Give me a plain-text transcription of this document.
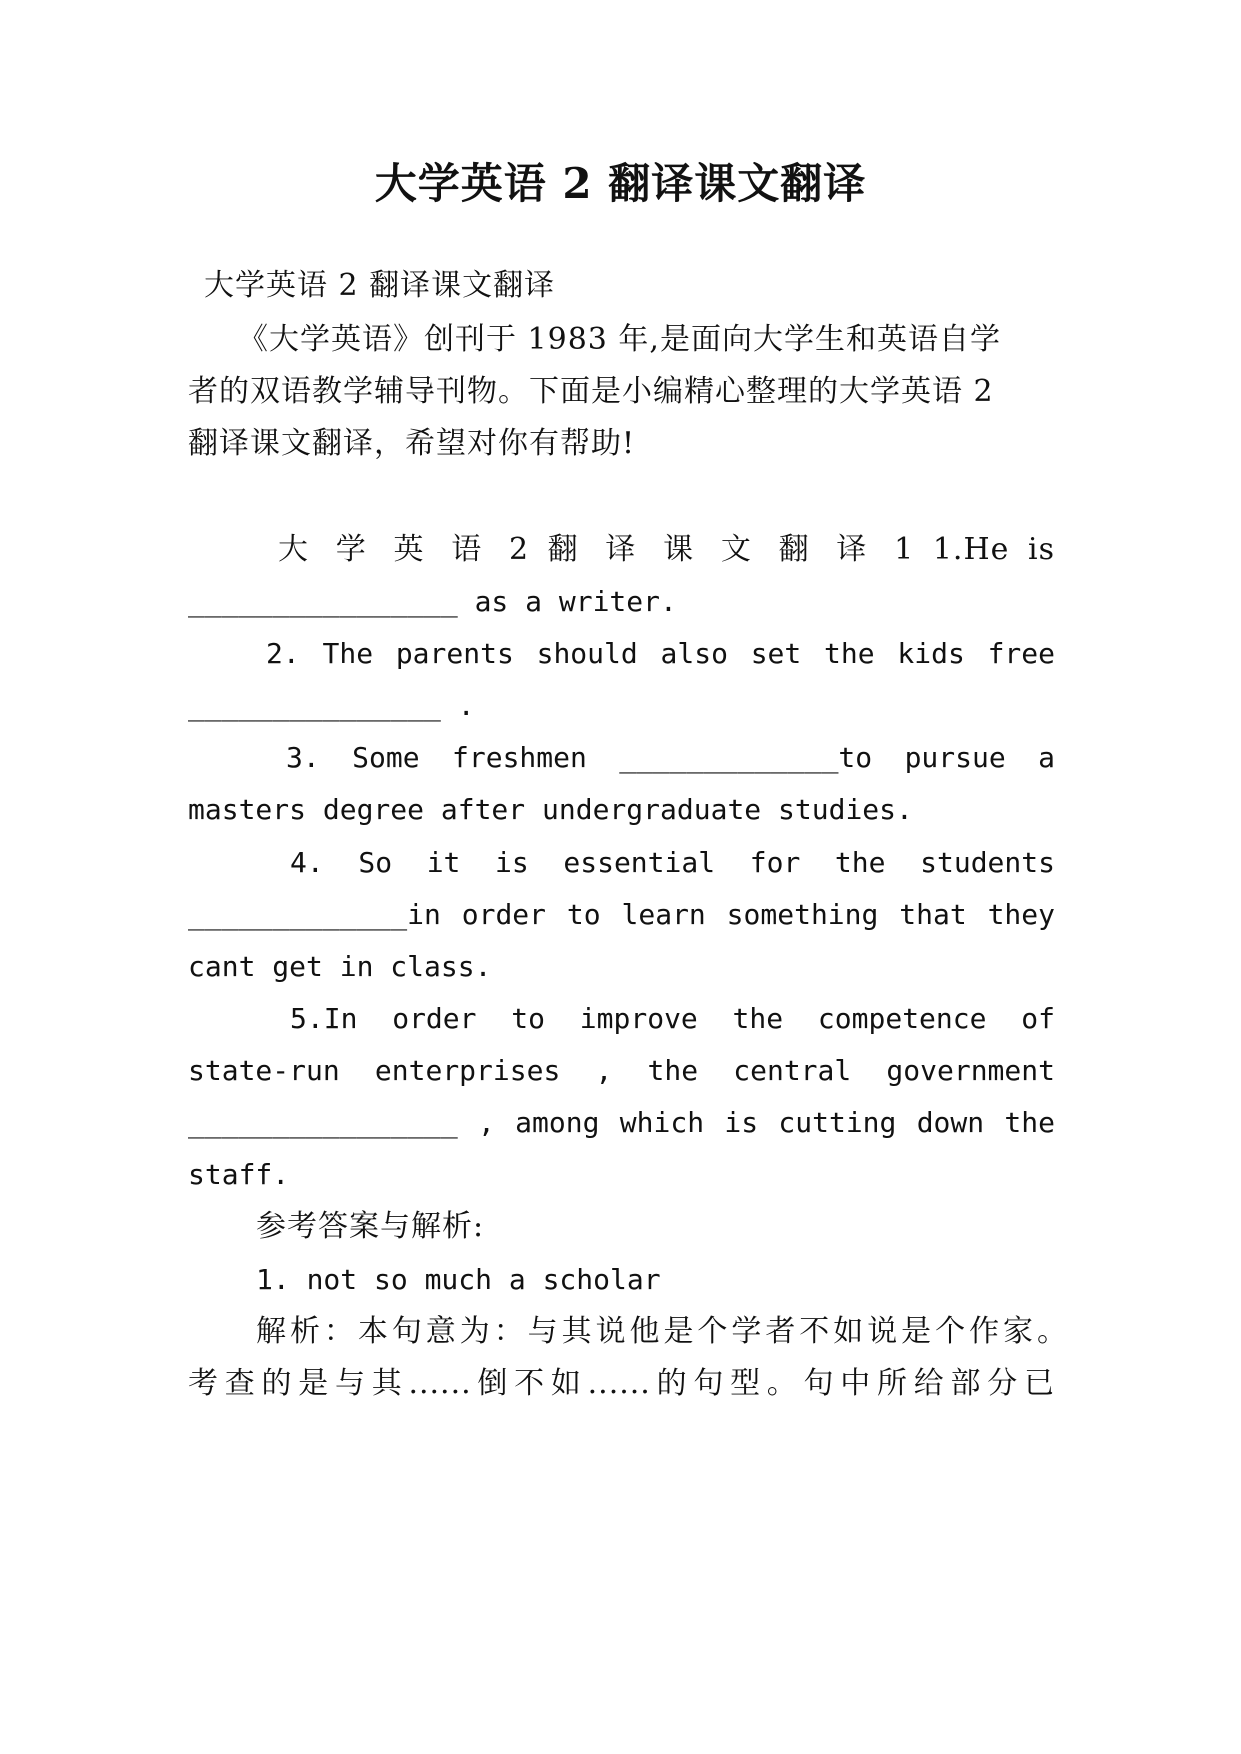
大学英语 2 翻译课文翻译
大学英语 2 翻译课文翻译
《大学英语》创刊于 1983 年,是面向大学生和英语自学
者的双语教学辅导刊物。下面是小编精心整理的大学英语 2
翻译课文翻译，希望对你有帮助!
大 学 英 语 2 翻 译 课 文 翻 译 1 1.He is
________________ as a writer.
2. The parents should also set the kids free
_______________ .
3. Some freshmen _____________to pursue a
masters degree after undergraduate studies.
4. So it is essential for the students
_____________in order to learn something that they
cant get in class.
5.In order to improve the competence of
state-run enterprises , the central government
________________ , among which is cutting down the
staff.
参考答案与解析:
1. not so much a scholar
解析：本句意为：与其说他是个学者不如说是个作家。
考查的是与其......倒不如......的句型。句中所给部分已
